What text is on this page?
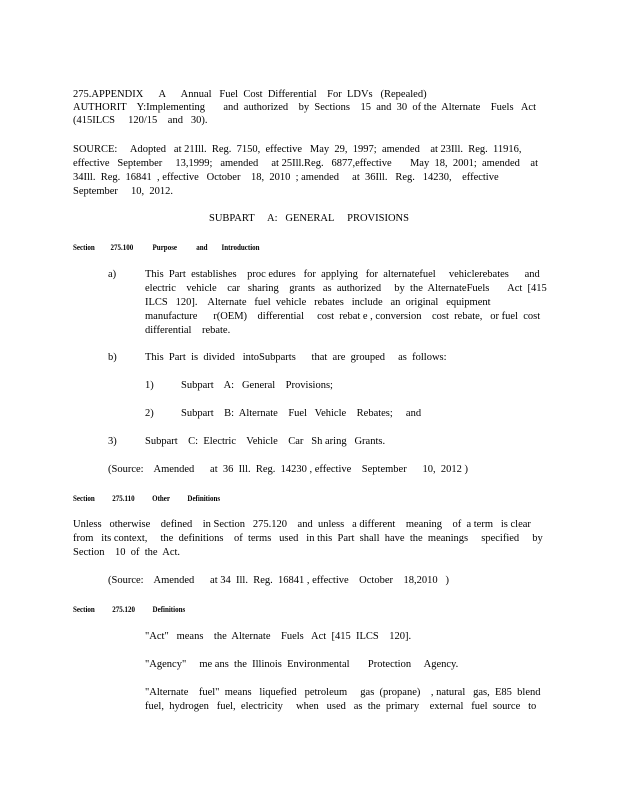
275.APPENDIX      A      Annual   Fuel  Cost  Differential    For  LDVs   (Repealed)
AUTHORIT    Y:Implementing       and  authorized    by  Sections    15  and  30  of the  Alternate    Fuels   Act
(415ILCS     120/15    and   30).
SOURCE:     Adopted   at 21Ill.  Reg.  7150,  effective   May  29,  1997;  amended    at 23Ill.  Reg.  11916,
effective   September     13,1999;   amended     at 25Ill.Reg.   6877,effective       May  18,  2001;  amended    at
34Ill.  Reg.  16841  , effective   October    18,  2010  ; amended     at  36Ill.   Reg.   14230,    effective
September     10,  2012.
SUBPART     A:   GENERAL     PROVISIONS
Section         275.100           Purpose           and        Introduction
a)	This  Part  establishes    proc edures   for  applying   for  alternatefuel     vehiclerebates      and
electric    vehicle    car   sharing    grants   as  authorized     by  the  AlternateFuels       Act  [415
ILCS   120].    Alternate   fuel  vehicle   rebates   include   an  original   equipment
manufacture      r(OEM)    differential     cost  rebat e , conversion    cost  rebate,   or fuel  cost
differential    rebate.
b)	This  Part  is  divided   intoSubparts      that  are  grouped     as  follows:
1)	Subpart    A:   General    Provisions;
2)	Subpart    B:  Alternate    Fuel   Vehicle    Rebates;     and
3)	Subpart    C:  Electric    Vehicle    Car   Sh aring   Grants.
(Source:    Amended      at  36  Ill.  Reg.  14230 , effective    September      10,  2012 )
Section          275.110          Other          Definitions
Unless   otherwise    defined    in Section   275.120    and  unless   a different    meaning    of  a term   is clear
from   its context,     the  definitions    of  terms   used   in this  Part  shall  have  the  meanings     specified     by
Section    10  of  the  Act.
(Source:    Amended      at 34  Ill.  Reg.  16841 , effective    October    18,2010   )
Section          275.120          Definitions
"Act"   means    the  Alternate    Fuels   Act  [415  ILCS    120].
"Agency"     me ans  the  Illinois  Environmental       Protection     Agency.
"Alternate    fuel"  means   liquefied   petroleum     gas  (propane)    , natural   gas,  E85  blend
fuel,  hydrogen   fuel,  electricity     when   used   as  the  primary    external   fuel  source   to
